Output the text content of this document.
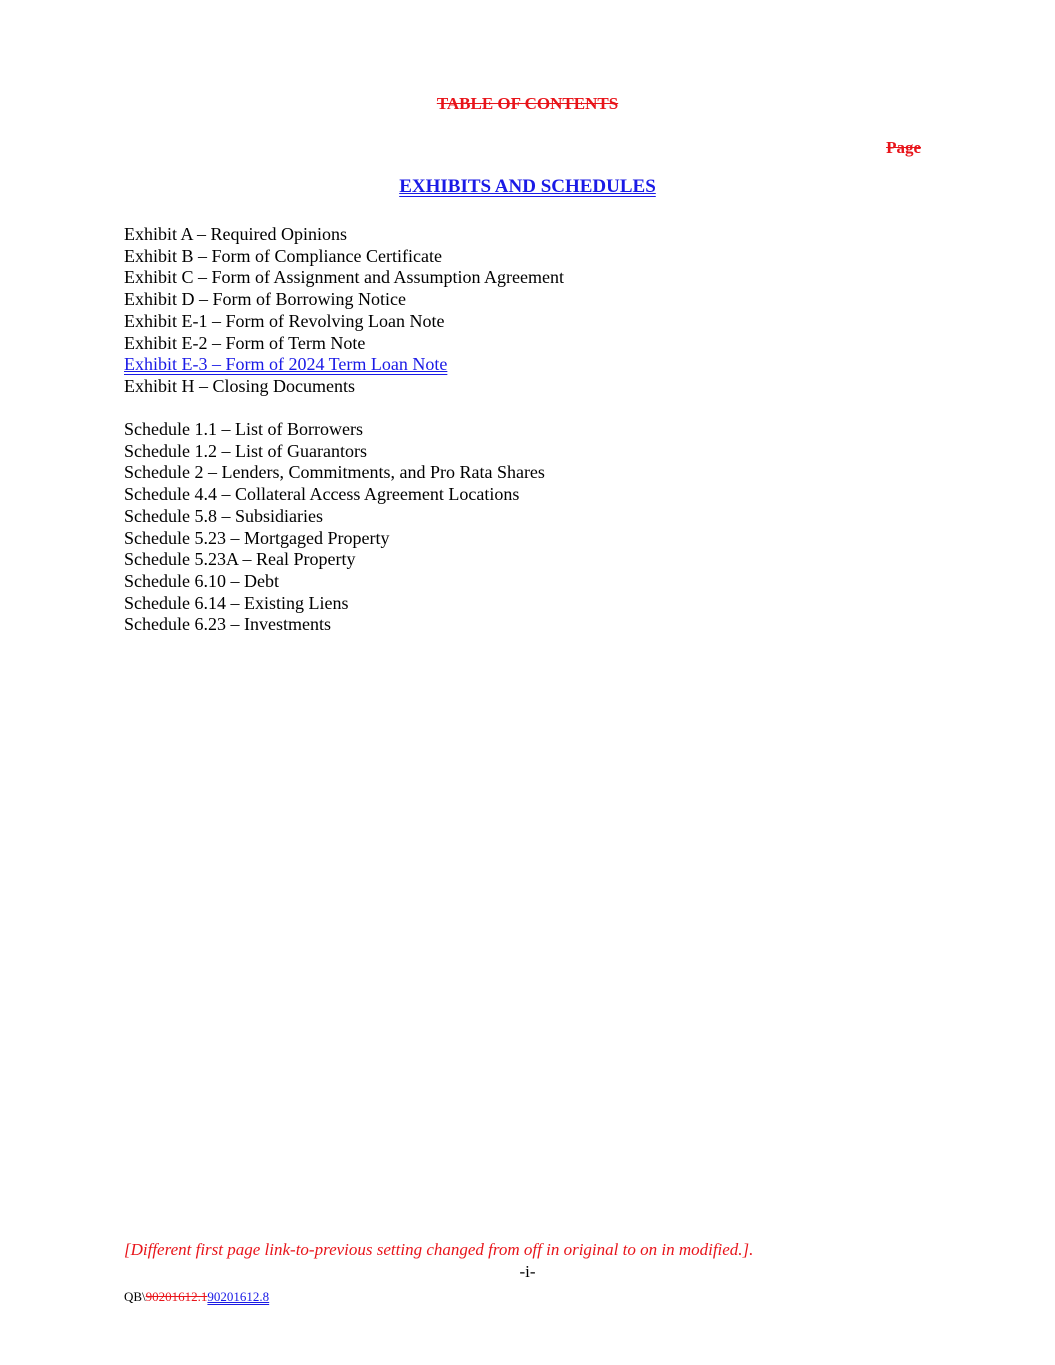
TABLE OF CONTENTS
Page
EXHIBITS AND SCHEDULES
Exhibit A – Required Opinions
Exhibit B – Form of Compliance Certificate
Exhibit C – Form of Assignment and Assumption Agreement
Exhibit D – Form of Borrowing Notice
Exhibit E-1 – Form of Revolving Loan Note
Exhibit E-2 – Form of Term Note
Exhibit E-3 – Form of 2024 Term Loan Note
Exhibit H – Closing Documents
Schedule 1.1 – List of Borrowers
Schedule 1.2 – List of Guarantors
Schedule 2 – Lenders, Commitments, and Pro Rata Shares
Schedule 4.4 – Collateral Access Agreement Locations
Schedule 5.8 – Subsidiaries
Schedule 5.23 – Mortgaged Property
Schedule 5.23A – Real Property
Schedule 6.10 – Debt
Schedule 6.14 – Existing Liens
Schedule 6.23 – Investments
[Different first page link-to-previous setting changed from off in original to on in modified.].
-i-
QB\90201612.190201612.8
